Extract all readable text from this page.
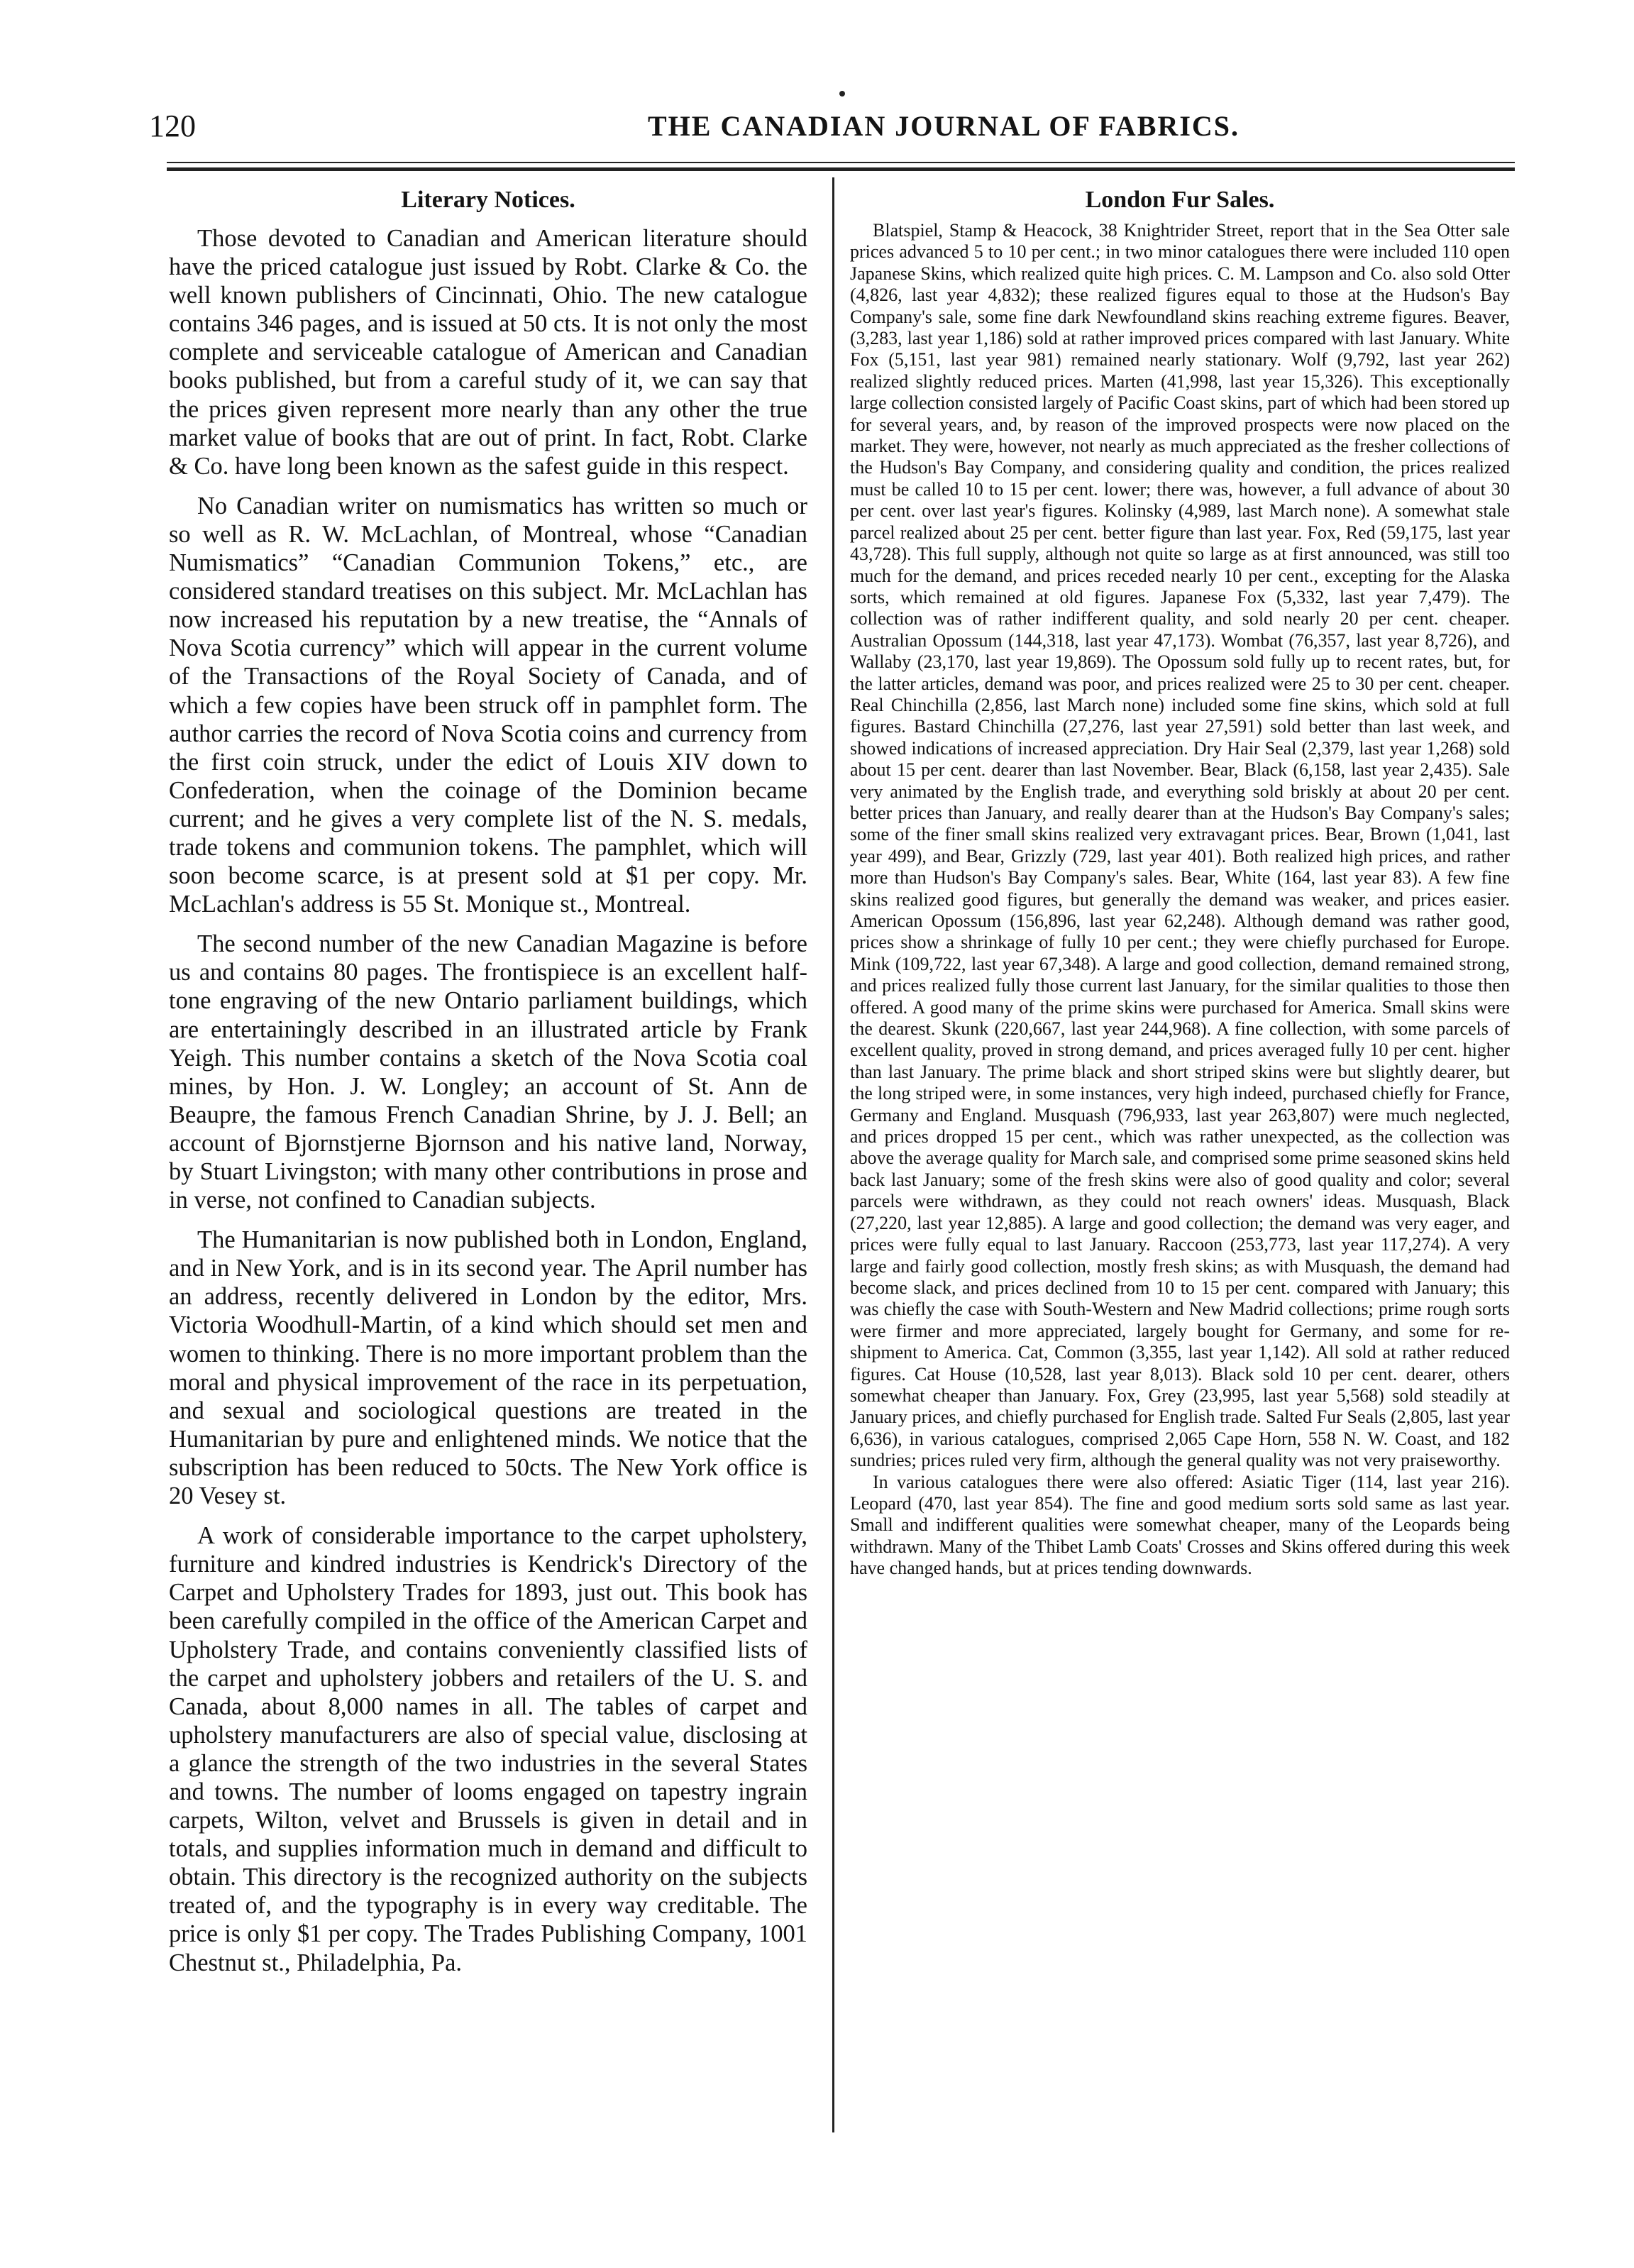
120	THE CANADIAN JOURNAL OF FABRICS.
Literary Notices.

Those devoted to Canadian and American literature should have the priced catalogue just issued by Robt. Clarke & Co. the well known publishers of Cincinnati, Ohio. The new catalogue contains 346 pages, and is issued at 50 cts. It is not only the most complete and serviceable catalogue of American and Canadian books published, but from a careful study of it, we can say that the prices given represent more nearly than any other the true market value of books that are out of print. In fact, Robt. Clarke & Co. have long been known as the safest guide in this respect.

No Canadian writer on numismatics has written so much or so well as R. W. McLachlan, of Montreal, whose “Canadian Numismatics” “Canadian Communion Tokens,” etc., are considered standard treatises on this subject. Mr. McLachlan has now increased his reputation by a new treatise, the “Annals of Nova Scotia currency” which will appear in the current volume of the Transactions of the Royal Society of Canada, and of which a few copies have been struck off in pamphlet form. The author carries the record of Nova Scotia coins and currency from the first coin struck, under the edict of Louis XIV down to Confederation, when the coinage of the Dominion became current; and he gives a very complete list of the N. S. medals, trade tokens and communion tokens. The pamphlet, which will soon become scarce, is at present sold at $1 per copy. Mr. McLachlan's address is 55 St. Monique st., Montreal.

The second number of the new Canadian Magazine is before us and contains 80 pages. The frontispiece is an excellent half-tone engraving of the new Ontario parliament buildings, which are entertainingly described in an illustrated article by Frank Yeigh. This number contains a sketch of the Nova Scotia coal mines, by Hon. J. W. Longley; an account of St. Ann de Beaupre, the famous French Canadian Shrine, by J. J. Bell; an account of Bjornstjerne Bjornson and his native land, Norway, by Stuart Livingston; with many other contributions in prose and in verse, not confined to Canadian subjects.

The Humanitarian is now published both in London, England, and in New York, and is in its second year. The April number has an address, recently delivered in London by the editor, Mrs. Victoria Woodhull-Martin, of a kind which should set men and women to thinking. There is no more important problem than the moral and physical improvement of the race in its perpetuation, and sexual and sociological questions are treated in the Humanitarian by pure and enlightened minds. We notice that the subscription has been reduced to 50cts. The New York office is 20 Vesey st.

A work of considerable importance to the carpet upholstery, furniture and kindred industries is Kendrick's Directory of the Carpet and Upholstery Trades for 1893, just out. This book has been carefully compiled in the office of the American Carpet and Upholstery Trade, and contains conveniently classified lists of the carpet and upholstery jobbers and retailers of the U. S. and Canada, about 8,000 names in all. The tables of carpet and upholstery manufacturers are also of special value, disclosing at a glance the strength of the two industries in the several States and towns. The number of looms engaged on tapestry ingrain carpets, Wilton, velvet and Brussels is given in detail and in totals, and supplies information much in demand and difficult to obtain. This directory is the recognized authority on the subjects treated of, and the typography is in every way creditable. The price is only $1 per copy. The Trades Publishing Company, 1001 Chestnut st., Philadelphia, Pa.

London Fur Sales.

Blatspiel, Stamp & Heacock, 38 Knightrider Street, report that in the Sea Otter sale prices advanced 5 to 10 per cent.; in two minor catalogues there were included 110 open Japanese Skins, which realized quite high prices. C. M. Lampson and Co. also sold Otter (4,826, last year 4,832); these realized figures equal to those at the Hudson's Bay Company's sale, some fine dark Newfoundland skins reaching extreme figures. Beaver, (3,283, last year 1,186) sold at rather improved prices compared with last January. White Fox (5,151, last year 981) remained nearly stationary. Wolf (9,792, last year 262) realized slightly reduced prices. Marten (41,998, last year 15,326). This exceptionally large collection consisted largely of Pacific Coast skins, part of which had been stored up for several years, and, by reason of the improved prospects were now placed on the market. They were, however, not nearly as much appreciated as the fresher collections of the Hudson's Bay Company, and considering quality and condition, the prices realized must be called 10 to 15 per cent. lower; there was, however, a full advance of about 30 per cent. over last year's figures. Kolinsky (4,989, last March none). A somewhat stale parcel realized about 25 per cent. better figure than last year. Fox, Red (59,175, last year 43,728). This full supply, although not quite so large as at first announced, was still too much for the demand, and prices receded nearly 10 per cent., excepting for the Alaska sorts, which remained at old figures. Japanese Fox (5,332, last year 7,479). The collection was of rather indifferent quality, and sold nearly 20 per cent. cheaper. Australian Opossum (144,318, last year 47,173). Wombat (76,357, last year 8,726), and Wallaby (23,170, last year 19,869). The Opossum sold fully up to recent rates, but, for the latter articles, demand was poor, and prices realized were 25 to 30 per cent. cheaper. Real Chinchilla (2,856, last March none) included some fine skins, which sold at full figures. Bastard Chinchilla (27,276, last year 27,591) sold better than last week, and showed indications of increased appreciation. Dry Hair Seal (2,379, last year 1,268) sold about 15 per cent. dearer than last November. Bear, Black (6,158, last year 2,435). Sale very animated by the English trade, and everything sold briskly at about 20 per cent. better prices than January, and really dearer than at the Hudson's Bay Company's sales; some of the finer small skins realized very extravagant prices. Bear, Brown (1,041, last year 499), and Bear, Grizzly (729, last year 401). Both realized high prices, and rather more than Hudson's Bay Company's sales. Bear, White (164, last year 83). A few fine skins realized good figures, but generally the demand was weaker, and prices easier. American Opossum (156,896, last year 62,248). Although demand was rather good, prices show a shrinkage of fully 10 per cent.; they were chiefly purchased for Europe. Mink (109,722, last year 67,348). A large and good collection, demand remained strong, and prices realized fully those current last January, for the similar qualities to those then offered. A good many of the prime skins were purchased for America. Small skins were the dearest. Skunk (220,667, last year 244,968). A fine collection, with some parcels of excellent quality, proved in strong demand, and prices averaged fully 10 per cent. higher than last January. The prime black and short striped skins were but slightly dearer, but the long striped were, in some instances, very high indeed, purchased chiefly for France, Germany and England. Musquash (796,933, last year 263,807) were much neglected, and prices dropped 15 per cent., which was rather unexpected, as the collection was above the average quality for March sale, and comprised some prime seasoned skins held back last January; some of the fresh skins were also of good quality and color; several parcels were withdrawn, as they could not reach owners' ideas. Musquash, Black (27,220, last year 12,885). A large and good collection; the demand was very eager, and prices were fully equal to last January. Raccoon (253,773, last year 117,274). A very large and fairly good collection, mostly fresh skins; as with Musquash, the demand had become slack, and prices declined from 10 to 15 per cent. compared with January; this was chiefly the case with South-Western and New Madrid collections; prime rough sorts were firmer and more appreciated, largely bought for Germany, and some for re-shipment to America. Cat, Common (3,355, last year 1,142). All sold at rather reduced figures. Cat House (10,528, last year 8,013). Black sold 10 per cent. dearer, others somewhat cheaper than January. Fox, Grey (23,995, last year 5,568) sold steadily at January prices, and chiefly purchased for English trade. Salted Fur Seals (2,805, last year 6,636), in various catalogues, comprised 2,065 Cape Horn, 558 N. W. Coast, and 182 sundries; prices ruled very firm, although the general quality was not very praiseworthy.

In various catalogues there were also offered: Asiatic Tiger (114, last year 216). Leopard (470, last year 854). The fine and good medium sorts sold same as last year. Small and indifferent qualities were somewhat cheaper, many of the Leopards being withdrawn. Many of the Thibet Lamb Coats' Crosses and Skins offered during this week have changed hands, but at prices tending downwards.
